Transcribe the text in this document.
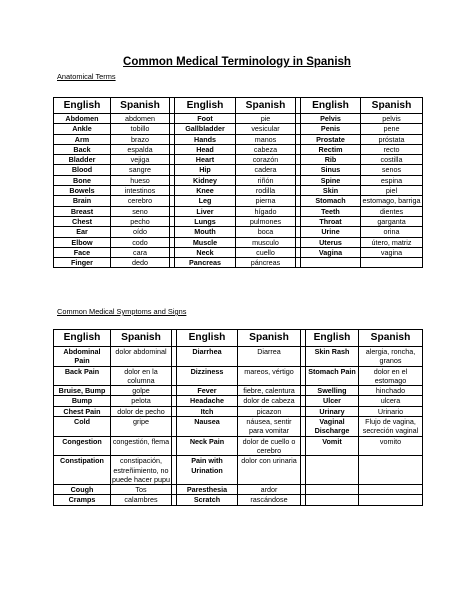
Common Medical Terminology in Spanish
Anatomical Terms
English	Spanish		English	Spanish		English	Spanish
Abdomen	abdomen		Foot	pie		Pelvis	pelvis
Ankle	tobillo		Gallbladder	vesicular		Penis	pene
Arm	brazo		Hands	manos		Prostate	próstata
Back	espalda		Head	cabeza		Rectim	recto
Bladder	vejiga		Heart	corazón		Rib	costilla
Blood	sangre		Hip	cadera		Sinus	senos
Bone	hueso		Kidney	riñón		Spine	espina
Bowels	intestinos		Knee	rodilla		Skin	piel
Brain	cerebro		Leg	pierna		Stomach	estomago, barriga
Breast	seno		Liver	hígado		Teeth	dientes
Chest	pecho		Lungs	pulmones		Throat	garganta
Ear	oído		Mouth	boca		Urine	orina
Elbow	codo		Muscle	musculo		Uterus	útero, matriz
Face	cara		Neck	cuello		Vagina	vagina
Finger	dedo		Pancreas	páncreas			
Common Medical Symptoms and Signs
English	Spanish		English	Spanish		English	Spanish
Abdominal Pain	dolor abdominal		Diarrhea	Diarrea		Skin Rash	alergia, roncha, granos
Back Pain	dolor en la columna		Dizziness	mareos, vértigo		Stomach Pain	dolor en el estomago
Bruise, Bump	golpe		Fever	fiebre, calentura		Swelling	hinchado
Bump	pelota		Headache	dolor de cabeza		Ulcer	ulcera
Chest Pain	dolor de pecho		Itch	picazon		Urinary	Urinario
Cold	gripe		Nausea	náusea, sentir para vomitar		Vaginal Discharge	Flujo de vagina, secreción vaginal
Congestion	congestión, flema		Neck Pain	dolor de cuello o cerebro		Vomit	vomito
Constipation	constipación, estreñimiento, no puede hacer pupu		Pain with Urination	dolor con urinaria			
Cough	Tos		Paresthesia	ardor			
Cramps	calambres		Scratch	rascándose			
